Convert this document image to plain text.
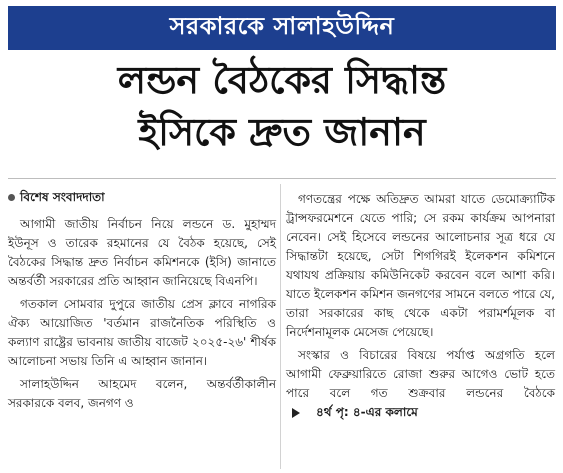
সরকারকে সালাহউদ্দিন
লন্ডন বৈঠকের সিদ্ধান্ত
ইসিকে দ্রুত জানান
বিশেষ সংবাদদাতা

আগামী জাতীয় নির্বাচন নিয়ে লন্ডনে ড. মুহাম্মদ ইউনূস ও তারেক রহমানের যে বৈঠক হয়েছে, সেই বৈঠকের সিদ্ধান্ত দ্রুত নির্বাচন কমিশনকে (ইসি) জানাতে অন্তর্বর্তী সরকারের প্রতি আহ্বান জানিয়েছে বিএনপি।

গতকাল সোমবার দুপুরে জাতীয় প্রেস ক্লাবে নাগরিক ঐক্য আয়োজিত 'বর্তমান রাজনৈতিক পরিস্থিতি ও কল্যাণ রাষ্ট্রের ভাবনায় জাতীয় বাজেট ২০২৫-২৬' শীর্ষক আলোচনা সভায় তিনি এ আহ্বান জানান।

সালাহউদ্দিন আহমেদ বলেন, অন্তর্বর্তীকালীন সরকারকে বলব, জনগণ ও

গণতন্ত্রের পক্ষে অতিদ্রুত আমরা যাতে ডেমোক্র্যাটিক ট্রান্সফরমেশনে যেতে পারি; সে রকম কার্যক্রম আপনারা নেবেন। সেই হিসেবে লন্ডনের আলোচনার সূত্র ধরে যে সিদ্ধান্তটা হয়েছে, সেটা শিগগিরই ইলেকশন কমিশনে যথাযথ প্রক্রিয়ায় কমিউনিকেট করবেন বলে আশা করি। যাতে ইলেকশন কমিশন জনগণের সামনে বলতে পারে যে, তারা সরকারের কাছ থেকে একটা পরামর্শমূলক বা নির্দেশনামূলক মেসেজ পেয়েছে।

সংস্কার ও বিচারের বিষয়ে পর্যাপ্ত অগ্রগতি হলে আগামী ফেব্রুয়ারিতে রোজা শুরুর আগেও ভোট হতে পারে বলে গত শুক্রবার লন্ডনের বৈঠকে
৪র্থ পৃ: ৪-এর কলামে
